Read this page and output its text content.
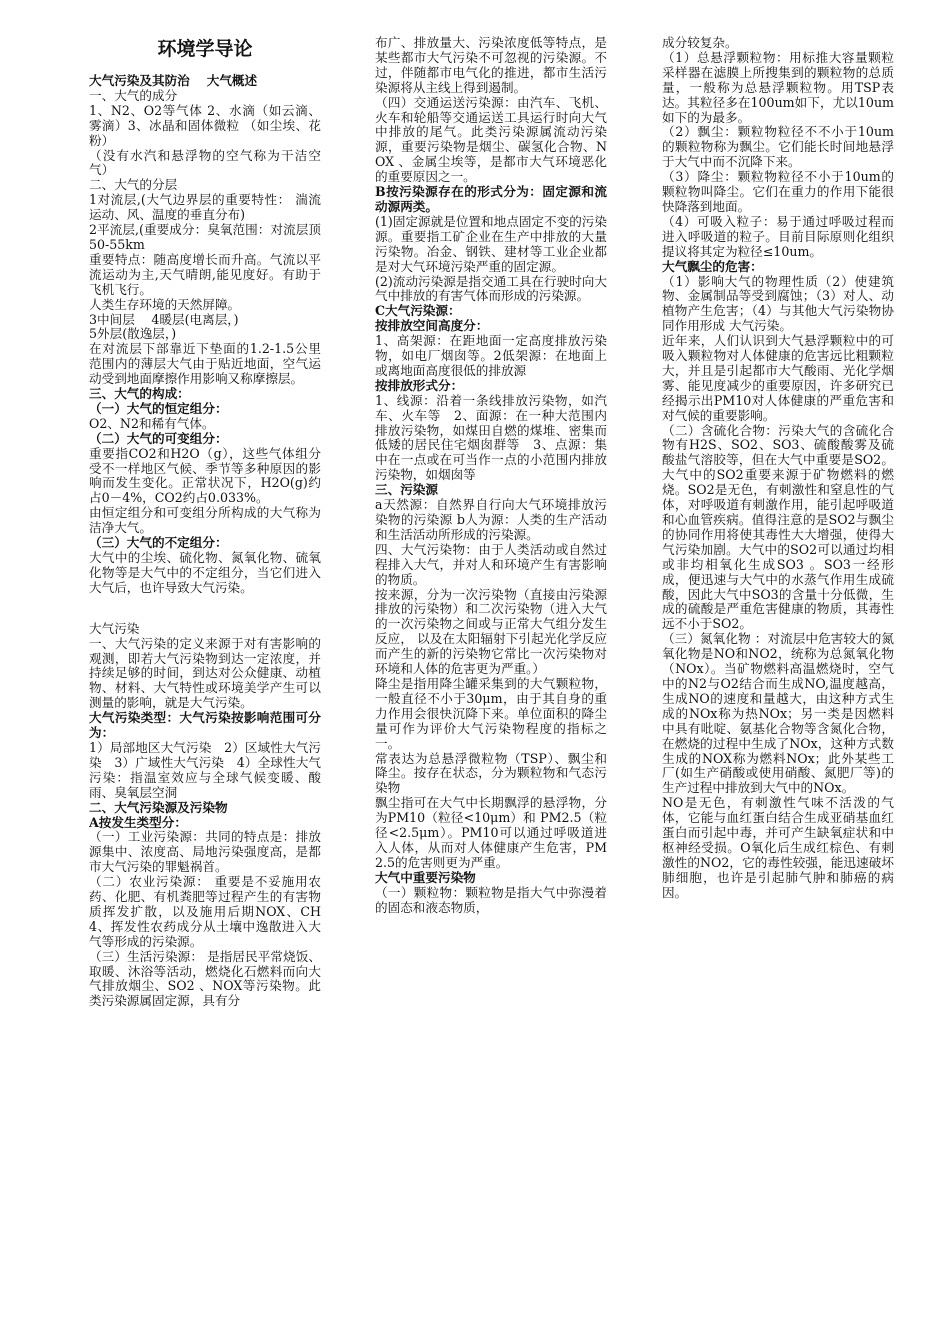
环境学导论

大气污染及其防治　 大气概述

一、大气的成分

1、N2、O2等气体 2、水滴（如云滴、雾滴）3、冰晶和固体微粒 （如尘埃、花粉）

（没有水汽和悬浮物的空气称为干洁空气）

二、大气的分层

1对流层,(大气边界层的重要特性： 湍流运动、风、温度的垂直分布)

2平流层,(重要成分：臭氧范围：对流层顶50-55km

重要特点：随高度增长而升高。气流以平流运动为主,天气晴朗,能见度好。有助于飞机飞行。

人类生存环境的天然屏障。

3中间层　 4暖层(电离层，)

5外层(散逸层，)

在对流层下部靠近下垫面的1.2-1.5公里范围内的薄层大气由于贴近地面，空气运动受到地面摩擦作用影响又称摩擦层。

三、大气的构成：

（一）大气的恒定组分：

O2、N2和稀有气体。

（二）大气的可变组分：

重要指CO2和H2O（g），这些气体组分受不一样地区气候、季节等多种原因的影响而发生变化。正常状况下，H2O(g)约占0－4%，CO2约占0.033%。

由恒定组分和可变组分所构成的大气称为洁净大气。

（三）大气的不定组分：

大气中的尘埃、硫化物、氮氧化物、硫氧化物等是大气中的不定组分，当它们进入大气后，也许导致大气污染。

大气污染

一、大气污染的定义来源于对有害影响的观测，即若大气污染物到达一定浓度，并持续足够的时间，到达对公众健康、动植物、材料、大气特性或环境美学产生可以测量的影响，就是大气污染。

大气污染类型：大气污染按影响范围可分为：

1）局部地区大气污染　2）区域性大气污染　3）广域性大气污染　4）全球性大气污染：指温室效应与全球气候变暖、酸雨、臭氧层空洞

二、大气污染源及污染物

A按发生类型分：

（一）工业污染源：共同的特点是：排放源集中、浓度高、局地污染强度高，是都市大气污染的罪魁祸首。

（二）农业污染源： 重要是不妥施用农药、化肥、有机粪肥等过程产生的有害物质挥发扩散，以及施用后期NOX、CH4、挥发性农药成分从土壤中逸散进入大气等形成的污染源。

（三）生活污染源： 是指居民平常烧饭、取暖、沐浴等活动，燃烧化石燃料而向大气排放烟尘、SO2 、NOX等污染物。此类污染源属固定源，具有分

布广、排放量大、污染浓度低等特点，是某些都市大气污染不可忽视的污染源。不过，伴随都市电气化的推进，都市生活污染源将从主线上得到遏制。

（四）交通运送污染源：由汽车、飞机、火车和轮船等交通运送工具运行时向大气中排放的尾气。此类污染源属流动污染源，重要污染物是烟尘、碳氢化合物、NOX 、金属尘埃等，是都市大气环境恶化的重要原因之一。

B按污染源存在的形式分为：固定源和流动源两类。

(1)固定源就是位置和地点固定不变的污染源。重要指工矿企业在生产中排放的大量污染物。冶金、钢铁、建材等工业企业都是对大气环境污染严重的固定源。

(2)流动污染源是指交通工具在行驶时向大气中排放的有害气体而形成的污染源。

C大气污染源：

按排放空间高度分：

1、高架源：在距地面一定高度排放污染物，如电厂烟囱等。2低架源：在地面上或离地面高度很低的排放源

按排放形式分：

1、线源：沿着一条线排放污染物，如汽车、火车等　2、面源：在一种大范围内排放污染物，如煤田自燃的煤堆、密集而低矮的居民住宅烟囱群等　3、点源：集中在一点或在可当作一点的小范围内排放污染物，如烟囱等

三、污染源

a天然源：自然界自行向大气环境排放污染物的污染源 b人为源：人类的生产活动和生活活动所形成的污染源。

四、大气污染物：由于人类活动或自然过程排入大气，并对人和环境产生有害影响的物质。

按来源，分为一次污染物（直接由污染源排放的污染物）和二次污染物（进入大气的一次污染物之间或与正常大气组分发生反应， 以及在太阳辐射下引起光化学反应而产生的新的污染物它常比一次污染物对环境和人体的危害更为严重。）

降尘是指用降尘罐采集到的大气颗粒物，一般直径不小于30μm，由于其自身的重力作用会很快沉降下来。单位面积的降尘量可作为评价大气污染物程度的指标之一。

常表达为总悬浮微粒物（TSP）、飘尘和降尘。按存在状态，分为颗粒物和气态污染物

飘尘指可在大气中长期飘浮的悬浮物，分为PM10（粒径<10μm）和 PM2.5（粒径<2.5μm）。PM10可以通过呼吸道进入人体，从而对人体健康产生危害，PM2.5的危害则更为严重。

大气中重要污染物

（一）颗粒物：颗粒物是指大气中弥漫着的固态和液态物质，

成分较复杂。

（1）总悬浮颗粒物：用标推大容量颗粒采样器在滤膜上所搜集到的颗粒物的总质量，一般称为总悬浮颗粒物。用TSP表达。其粒径多在100um如下，尤以10um如下的为最多。

（2）飘尘：颗粒物粒径不不小于10um的颗粒物称为飘尘。它们能长时间地悬浮于大气中而不沉降下来。

（3）降尘：颗粒物粒径不小于10um的颗粒物叫降尘。它们在重力的作用下能很快降落到地面。

（4）可吸入粒子：易于通过呼吸过程而进入呼吸道的粒子。目前目际原则化组织提议将其定为粒径≤10um。

大气飘尘的危害：

（1）影响大气的物理性质（2）使建筑物、金属制品等受到腐蚀；（3）对人、动植物产生危害；（4）与其他大气污染物协同作用形成 大气污染。

近年来，人们认识到大气悬浮颗粒中的可吸入颗粒物对人体健康的危害远比粗颗粒大，并且是引起都市大气酸雨、光化学烟雾、能见度减少的重要原因，许多研究已经揭示出PM10对人体健康的严重危害和对气候的重要影响。

（二）含硫化合物：污染大气的含硫化合物有H2S、SO2、SO3、硫酸酸雾及硫酸盐气溶胶等，但在大气中重要是SO2。 大气中的SO2重要来源于矿物燃料的燃烧。SO2是无色，有刺激性和窒息性的气体，对呼吸道有刺激作用，能引起呼吸道和心血管疾病。值得注意的是SO2与飘尘的协同作用将使其毒性大大增强，使得大气污染加剧。大气中的SO2可以通过均相或非均相氧化生成SO3 。SO3一经形成，便迅速与大气中的水蒸气作用生成硫酸，因此大气中SO3的含量十分低微，生成的硫酸是严重危害健康的物质，其毒性远不小于SO2。

（三）氮氧化物 ：对流层中危害较大的氮氧化物是NO和NO2，统称为总氮氧化物（NOx）。当矿物燃料高温燃烧时，空气中的N2与O2结合而生成NO,温度越高，生成NO的速度和量越大，由这种方式生成的NOx称为热NOx；另一类是因燃料中具有吡啶、氨基化合物等含氮化合物，在燃烧的过程中生成了NOx，这种方式数生成的NOX称为燃料NOx；此外某些工厂(如生产硝酸或使用硝酸、氮肥厂等)的生产过程中排放到大气中的NOx。

NO是无色，有刺激性气味不活泼的气体，它能与血红蛋白结合生成亚硝基血红蛋白而引起中毒，并可产生缺氧症状和中枢神经受损。O氧化后生成红棕色、有刺激性的NO2，它的毒性较强，能迅速破坏肺细胞，也许是引起肺气肿和肺癌的病因。
